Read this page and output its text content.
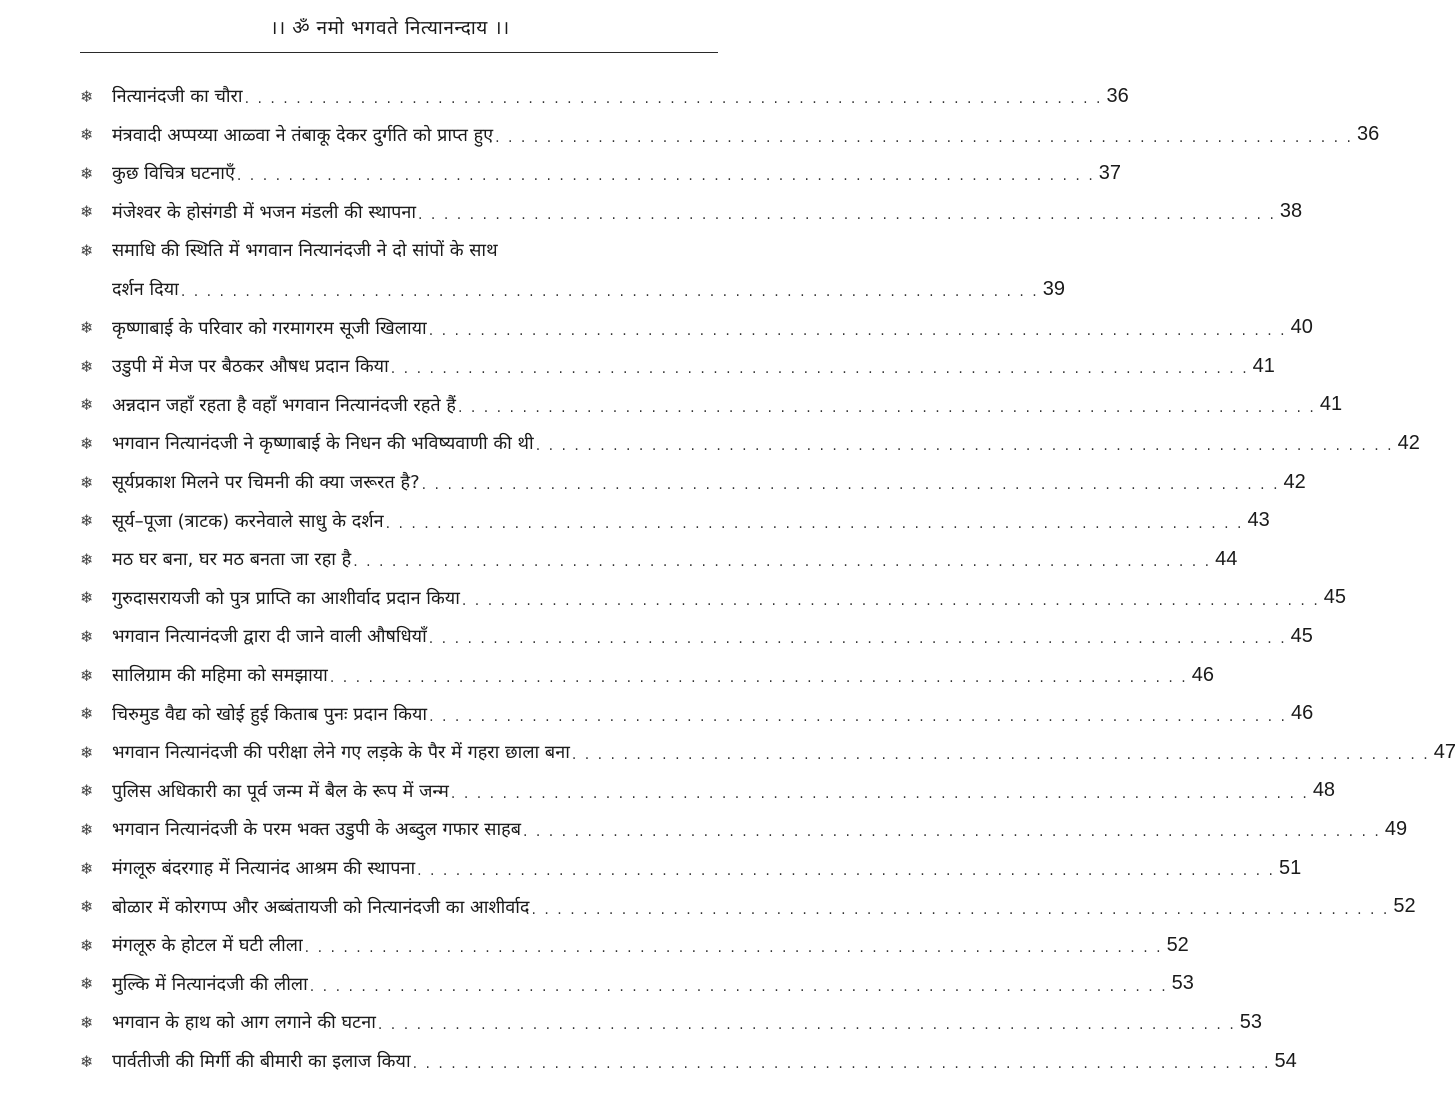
।। ॐ नमो भगवते नित्यानन्दाय ।।
❄	नित्यानंदजी का चौरा . . . . . . . . . . . . . . . . . . . . . . . . . . . . . . . . . . . . . . . . . . . . . . . . . . . . . . . . . . . . . . . . . . . 36
❄	मंत्रवादी अप्पय्या आळ्वा ने तंबाकू देकर दुर्गति को प्राप्त हुए . . . . . . . . . . . . . . . . . . . . . . . . . . . . . . . . . . . . . . . . . . . . . . . . . . . . . . . . . . . . . . . . . . . 36
❄	कुछ विचित्र घटनाएँ . . . . . . . . . . . . . . . . . . . . . . . . . . . . . . . . . . . . . . . . . . . . . . . . . . . . . . . . . . . . . . . . . . . 37
❄	मंजेश्वर के होसंगडी में भजन मंडली की स्थापना . . . . . . . . . . . . . . . . . . . . . . . . . . . . . . . . . . . . . . . . . . . . . . . . . . . . . . . . . . . . . . . . . . . 38
❄	समाधि की स्थिति में भगवान नित्यानंदजी ने दो सांपों के साथ
दर्शन दिया . . . . . . . . . . . . . . . . . . . . . . . . . . . . . . . . . . . . . . . . . . . . . . . . . . . . . . . . . . . . . . . . . . . 39
❄	कृष्णाबाई के परिवार को गरमागरम सूजी खिलाया . . . . . . . . . . . . . . . . . . . . . . . . . . . . . . . . . . . . . . . . . . . . . . . . . . . . . . . . . . . . . . . . . . . 40
❄	उडुपी में मेज पर बैठकर औषध प्रदान किया . . . . . . . . . . . . . . . . . . . . . . . . . . . . . . . . . . . . . . . . . . . . . . . . . . . . . . . . . . . . . . . . . . . 41
❄	अन्नदान जहाँ रहता है वहाँ भगवान नित्यानंदजी रहते हैं . . . . . . . . . . . . . . . . . . . . . . . . . . . . . . . . . . . . . . . . . . . . . . . . . . . . . . . . . . . . . . . . . . . 41
❄	भगवान नित्यानंदजी ने कृष्णाबाई के निधन की भविष्यवाणी की थी . . . . . . . . . . . . . . . . . . . . . . . . . . . . . . . . . . . . . . . . . . . . . . . . . . . . . . . . . . . . . . . . . . . 42
❄	सूर्यप्रकाश मिलने पर चिमनी की क्या जरूरत है? . . . . . . . . . . . . . . . . . . . . . . . . . . . . . . . . . . . . . . . . . . . . . . . . . . . . . . . . . . . . . . . . . . . 42
❄	सूर्य–पूजा (त्राटक) करनेवाले साधु के दर्शन . . . . . . . . . . . . . . . . . . . . . . . . . . . . . . . . . . . . . . . . . . . . . . . . . . . . . . . . . . . . . . . . . . . 43
❄	मठ घर बना, घर मठ बनता जा रहा है . . . . . . . . . . . . . . . . . . . . . . . . . . . . . . . . . . . . . . . . . . . . . . . . . . . . . . . . . . . . . . . . . . . 44
❄	गुरुदासरायजी को पुत्र प्राप्ति का आशीर्वाद प्रदान किया . . . . . . . . . . . . . . . . . . . . . . . . . . . . . . . . . . . . . . . . . . . . . . . . . . . . . . . . . . . . . . . . . . . 45
❄	भगवान नित्यानंदजी द्वारा दी जाने वाली औषधियाँ . . . . . . . . . . . . . . . . . . . . . . . . . . . . . . . . . . . . . . . . . . . . . . . . . . . . . . . . . . . . . . . . . . . 45
❄	सालिग्राम की महिमा को समझाया . . . . . . . . . . . . . . . . . . . . . . . . . . . . . . . . . . . . . . . . . . . . . . . . . . . . . . . . . . . . . . . . . . . 46
❄	चिरुमुड वैद्य को खोई हुई किताब पुनः प्रदान किया . . . . . . . . . . . . . . . . . . . . . . . . . . . . . . . . . . . . . . . . . . . . . . . . . . . . . . . . . . . . . . . . . . . 46
❄	भगवान नित्यानंदजी की परीक्षा लेने गए लड़के के पैर में गहरा छाला बना . . . . . . . . . . . . . . . . . . . . . . . . . . . . . . . . . . . . . . . . . . . . . . . . . . . . . . . . . . . . . . . . . . . 47
❄	पुलिस अधिकारी का पूर्व जन्म में बैल के रूप में जन्म . . . . . . . . . . . . . . . . . . . . . . . . . . . . . . . . . . . . . . . . . . . . . . . . . . . . . . . . . . . . . . . . . . . 48
❄	भगवान नित्यानंदजी के परम भक्त उडुपी के अब्दुल गफार साहब . . . . . . . . . . . . . . . . . . . . . . . . . . . . . . . . . . . . . . . . . . . . . . . . . . . . . . . . . . . . . . . . . . . 49
❄	मंगलूरु बंदरगाह में नित्यानंद आश्रम की स्थापना . . . . . . . . . . . . . . . . . . . . . . . . . . . . . . . . . . . . . . . . . . . . . . . . . . . . . . . . . . . . . . . . . . . 51
❄	बोळार में कोरगप्प और अब्बंतायजी को नित्यानंदजी का आशीर्वाद . . . . . . . . . . . . . . . . . . . . . . . . . . . . . . . . . . . . . . . . . . . . . . . . . . . . . . . . . . . . . . . . . . . 52
❄	मंगलूरु के होटल में घटी लीला . . . . . . . . . . . . . . . . . . . . . . . . . . . . . . . . . . . . . . . . . . . . . . . . . . . . . . . . . . . . . . . . . . . 52
❄	मुल्कि में नित्यानंदजी की लीला . . . . . . . . . . . . . . . . . . . . . . . . . . . . . . . . . . . . . . . . . . . . . . . . . . . . . . . . . . . . . . . . . . . 53
❄	भगवान के हाथ को आग लगाने की घटना . . . . . . . . . . . . . . . . . . . . . . . . . . . . . . . . . . . . . . . . . . . . . . . . . . . . . . . . . . . . . . . . . . . 53
❄	पार्वतीजी की मिर्गी की बीमारी का इलाज किया . . . . . . . . . . . . . . . . . . . . . . . . . . . . . . . . . . . . . . . . . . . . . . . . . . . . . . . . . . . . . . . . . . . 54
